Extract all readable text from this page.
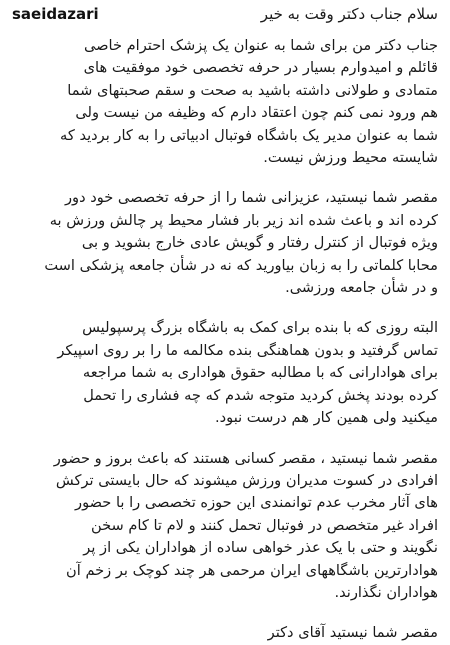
saeidazari	سلام جناب دکتر وقت به خیر
جناب دکتر من برای شما به عنوان یک پزشک احترام خاصی
قائلم و امیدوارم بسیار در حرفه تخصصی خود موفقیت های
متمادی و طولانی داشته باشید به صحت و سقم صحبتهای شما
هم ورود نمی کنم چون اعتقاد دارم که وظیفه من نیست ولی
شما به عنوان مدیر یک باشگاه فوتبال ادبیاتی را به کار بردید که
شایسته محیط ورزش نیست.
مقصر شما نیستید، عزیزانی شما را از حرفه تخصصی خود دور
کرده اند و باعث شده اند زیر بار فشار محیط پر چالش ورزش به
ویژه فوتبال از کنترل رفتار و گویش عادی خارج بشوید و بی
محابا کلماتی را به زبان بیاورید که نه در شأن جامعه پزشکی است
و در شأن جامعه ورزشی.
البته روزی که با بنده برای کمک به باشگاه بزرگ پرسپولیس
تماس گرفتید و بدون هماهنگی بنده مکالمه ما را بر روی اسپیکر
برای هوادارانی که با مطالبه حقوق هواداری به شما مراجعه
کرده بودند پخش کردید متوجه شدم که چه فشاری را تحمل
میکنید ولی همین کار هم درست نبود.
مقصر شما نیستید ، مقصر کسانی هستند که باعث بروز و حضور
افرادی در کسوت مدیران ورزش میشوند که حال بایستی ترکش
های آثار مخرب عدم توانمندی این حوزه تخصصی را با حضور
افراد غیر متخصص در فوتبال تحمل کنند و لام تا کام سخن
نگویند و حتی با یک عذر خواهی ساده از هواداران یکی از پر
هوادارترین باشگاههای ایران مرحمی هر چند کوچک بر زخم آن
هواداران نگذارند.
مقصر شما نیستید آقای دکتر
